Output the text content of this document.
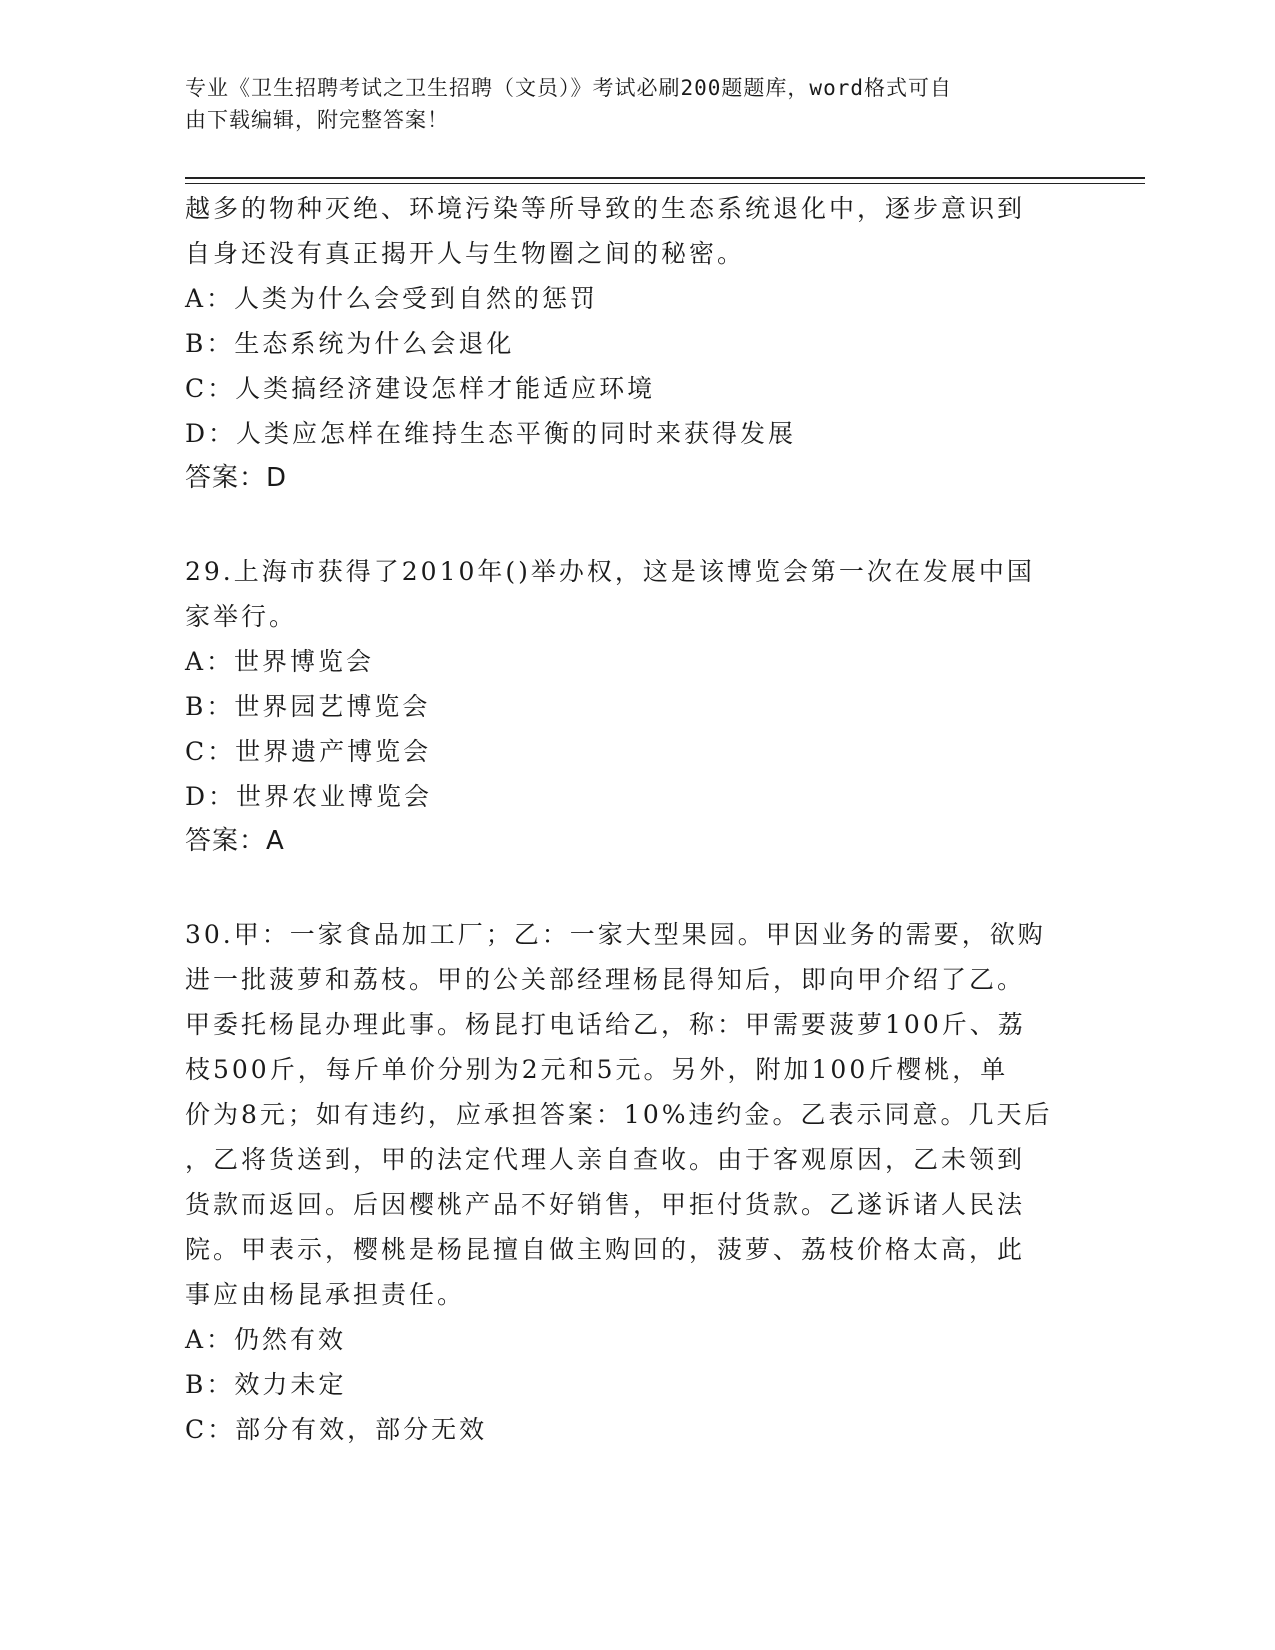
专业《卫生招聘考试之卫生招聘（文员）》考试必刷200题题库，word格式可自
由下载编辑，附完整答案！
越多的物种灭绝、环境污染等所导致的生态系统退化中，逐步意识到
自身还没有真正揭开人与生物圈之间的秘密。
A：人类为什么会受到自然的惩罚
B：生态系统为什么会退化
C：人类搞经济建设怎样才能适应环境
D：人类应怎样在维持生态平衡的同时来获得发展
答案：D
29.上海市获得了2010年()举办权，这是该博览会第一次在发展中国
家举行。
A：世界博览会
B：世界园艺博览会
C：世界遗产博览会
D：世界农业博览会
答案：A
30.甲：一家食品加工厂；乙：一家大型果园。甲因业务的需要，欲购
进一批菠萝和荔枝。甲的公关部经理杨昆得知后，即向甲介绍了乙。
甲委托杨昆办理此事。杨昆打电话给乙，称：甲需要菠萝100斤、荔
枝500斤，每斤单价分别为2元和5元。另外，附加100斤樱桃，单
价为8元；如有违约，应承担答案：10%违约金。乙表示同意。几天后
，乙将货送到，甲的法定代理人亲自查收。由于客观原因，乙未领到
货款而返回。后因樱桃产品不好销售，甲拒付货款。乙遂诉诸人民法
院。甲表示，樱桃是杨昆擅自做主购回的，菠萝、荔枝价格太高，此
事应由杨昆承担责任。
A：仍然有效
B：效力未定
C：部分有效，部分无效
